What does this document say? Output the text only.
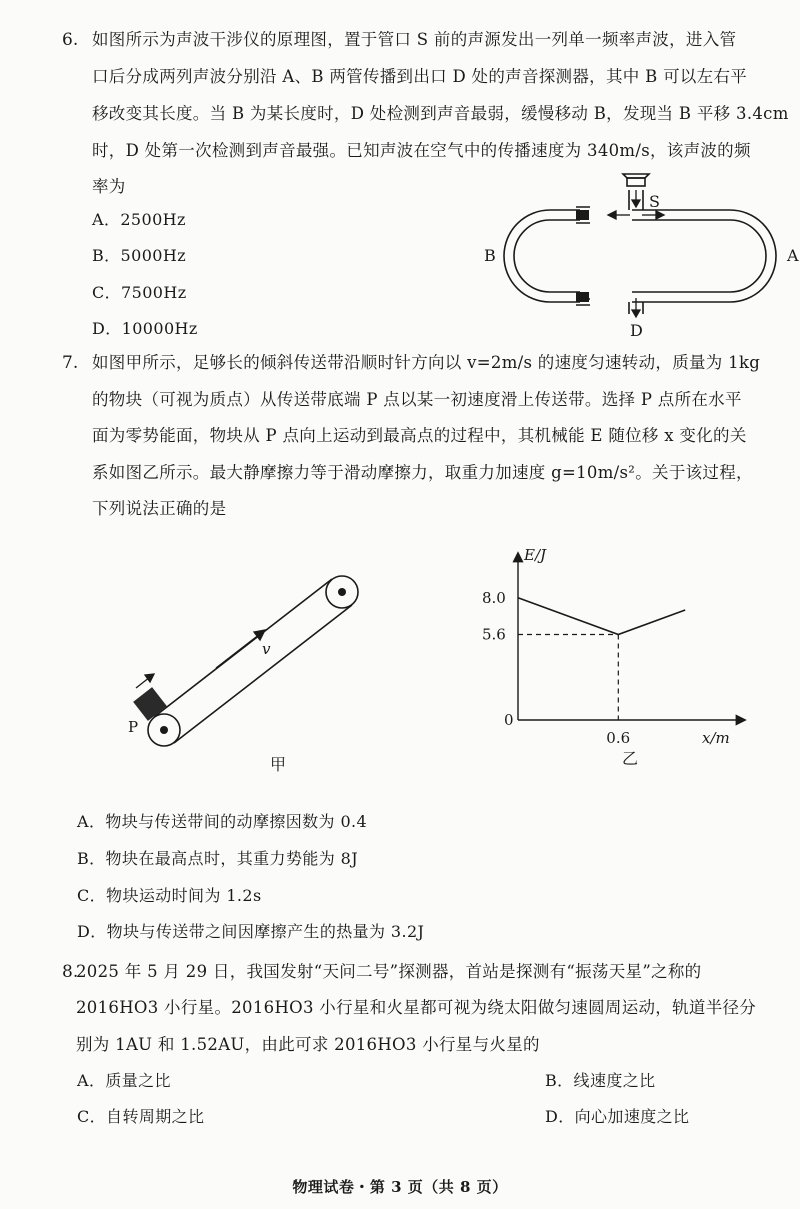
6. 如图所示为声波干涉仪的原理图，置于管口 S 前的声源发出一列单一频率声波，进入管
口后分成两列声波分别沿 A、B 两管传播到出口 D 处的声音探测器，其中 B 可以左右平
移改变其长度。当 B 为某长度时，D 处检测到声音最弱，缓慢移动 B，发现当 B 平移 3.4cm
时，D 处第一次检测到声音最强。已知声波在空气中的传播速度为 340m/s，该声波的频
率为
A．2500Hz
B．5000Hz
C．7500Hz
D．10000Hz
S
B	A
D
7. 如图甲所示，足够长的倾斜传送带沿顺时针方向以 v=2m/s 的速度匀速转动，质量为 1kg
的物块（可视为质点）从传送带底端 P 点以某一初速度滑上传送带。选择 P 点所在水平
面为零势能面，物块从 P 点向上运动到最高点的过程中，其机械能 E 随位移 x 变化的关
系如图乙所示。最大静摩擦力等于滑动摩擦力，取重力加速度 g=10m/s²。关于该过程，
下列说法正确的是
v
P
甲
E/J
x/m
0
8.0
5.6
0.6
乙
A．物块与传送带间的动摩擦因数为 0.4
B．物块在最高点时，其重力势能为 8J
C．物块运动时间为 1.2s
D．物块与传送带之间因摩擦产生的热量为 3.2J
8.
2025 年 5 月 29 日，我国发射“天问二号”探测器，首站是探测有“振荡天星”之称的
2016HO3 小行星。2016HO3 小行星和火星都可视为绕太阳做匀速圆周运动，轨道半径分
别为 1AU 和 1.52AU，由此可求 2016HO3 小行星与火星的
A．质量之比	B．线速度之比
C．自转周期之比	D．向心加速度之比
物理试卷・第 3 页（共 8 页）
